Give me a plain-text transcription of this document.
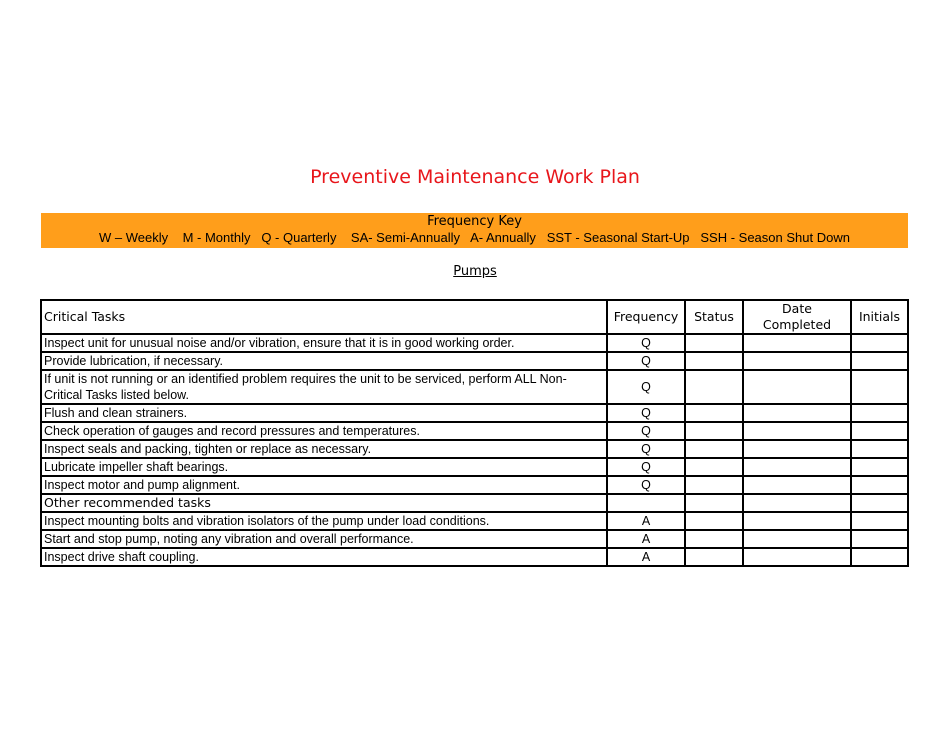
Preventive Maintenance Work Plan
Frequency Key
W – Weekly    M - Monthly   Q - Quarterly    SA- Semi-Annually   A- Annually   SST - Seasonal Start-Up   SSH - Season Shut Down
Pumps
Critical Tasks	Frequency	Status	Date Completed	Initials
Inspect unit for unusual noise and/or vibration, ensure that it is in good working order.	Q			
Provide lubrication, if necessary.	Q			
If unit is not running or an identified problem requires the unit to be serviced, perform ALL Non-Critical Tasks listed below.	Q			
Flush and clean strainers.	Q			
Check operation of gauges and record pressures and temperatures.	Q			
Inspect seals and packing, tighten or replace as necessary.	Q			
Lubricate impeller shaft bearings.	Q			
Inspect motor and pump alignment.	Q			
Other recommended tasks				
Inspect mounting bolts and vibration isolators of the pump under load conditions.	A			
Start and stop pump, noting any vibration and overall performance.	A			
Inspect drive shaft coupling.	A			
